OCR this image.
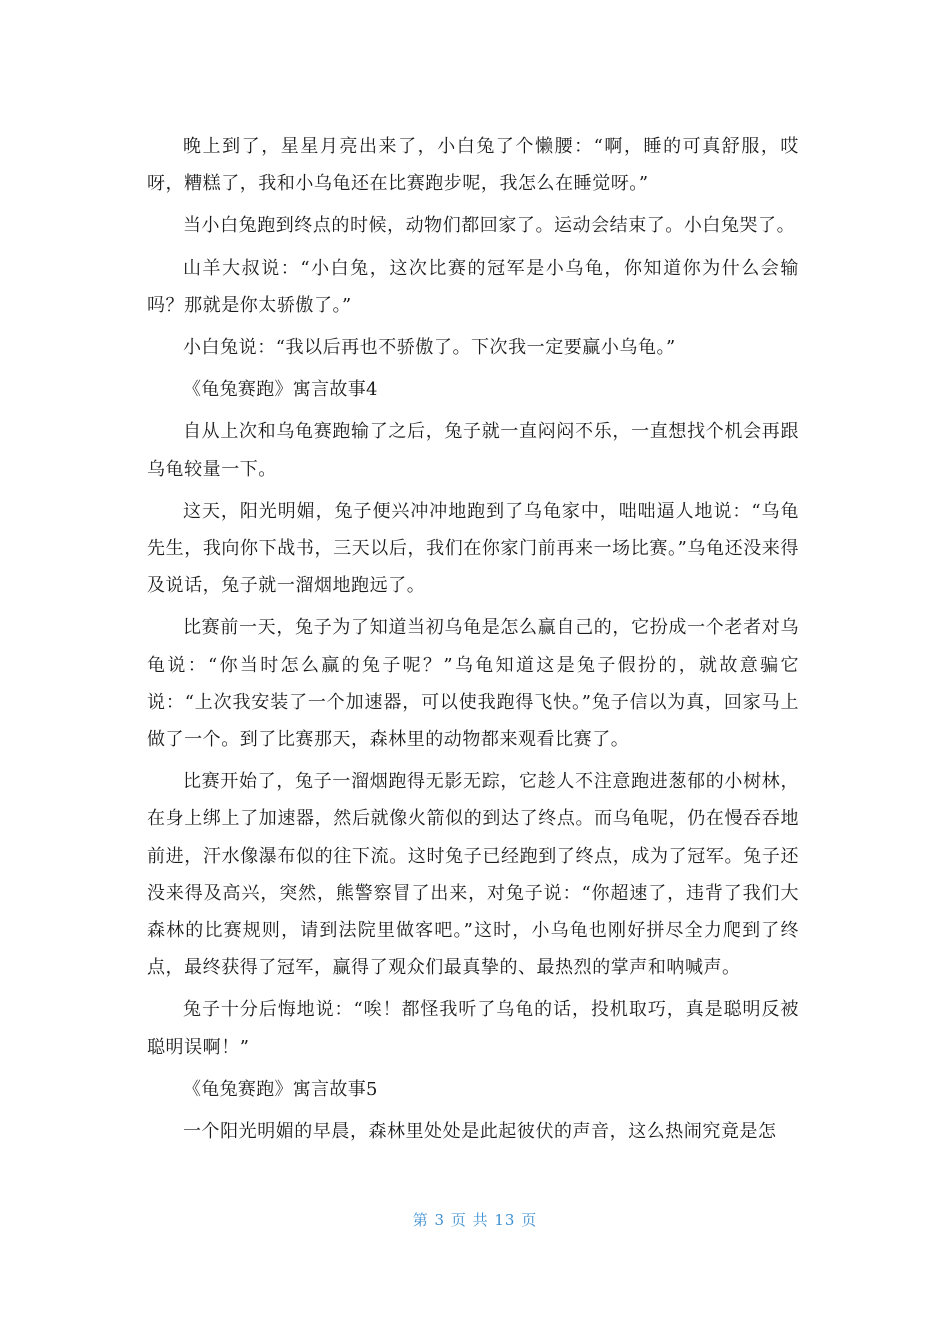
晚上到了，星星月亮出来了，小白兔了个懒腰：“啊，睡的可真舒服，哎呀，糟糕了，我和小乌龟还在比赛跑步呢，我怎么在睡觉呀。”

当小白兔跑到终点的时候，动物们都回家了。运动会结束了。小白兔哭了。

山羊大叔说：“小白兔，这次比赛的冠军是小乌龟，你知道你为什么会输吗？那就是你太骄傲了。”

小白兔说：“我以后再也不骄傲了。下次我一定要赢小乌龟。”

《龟兔赛跑》寓言故事4

自从上次和乌龟赛跑输了之后，兔子就一直闷闷不乐，一直想找个机会再跟乌龟较量一下。

这天，阳光明媚，兔子便兴冲冲地跑到了乌龟家中，咄咄逼人地说：“乌龟先生，我向你下战书，三天以后，我们在你家门前再来一场比赛。”乌龟还没来得及说话，兔子就一溜烟地跑远了。

比赛前一天，兔子为了知道当初乌龟是怎么赢自己的，它扮成一个老者对乌龟说：“你当时怎么赢的兔子呢？”乌龟知道这是兔子假扮的，就故意骗它说：“上次我安装了一个加速器，可以使我跑得飞快。”兔子信以为真，回家马上做了一个。到了比赛那天，森林里的动物都来观看比赛了。

比赛开始了，兔子一溜烟跑得无影无踪，它趁人不注意跑进葱郁的小树林，在身上绑上了加速器，然后就像火箭似的到达了终点。而乌龟呢，仍在慢吞吞地前进，汗水像瀑布似的往下流。这时兔子已经跑到了终点，成为了冠军。兔子还没来得及高兴，突然，熊警察冒了出来，对兔子说：“你超速了，违背了我们大森林的比赛规则，请到法院里做客吧。”这时，小乌龟也刚好拼尽全力爬到了终点，最终获得了冠军，赢得了观众们最真挚的、最热烈的掌声和呐喊声。

兔子十分后悔地说：“唉！都怪我听了乌龟的话，投机取巧，真是聪明反被聪明误啊！”

《龟兔赛跑》寓言故事5

一个阳光明媚的早晨，森林里处处是此起彼伏的声音，这么热闹究竟是怎

第 3 页 共 13 页
